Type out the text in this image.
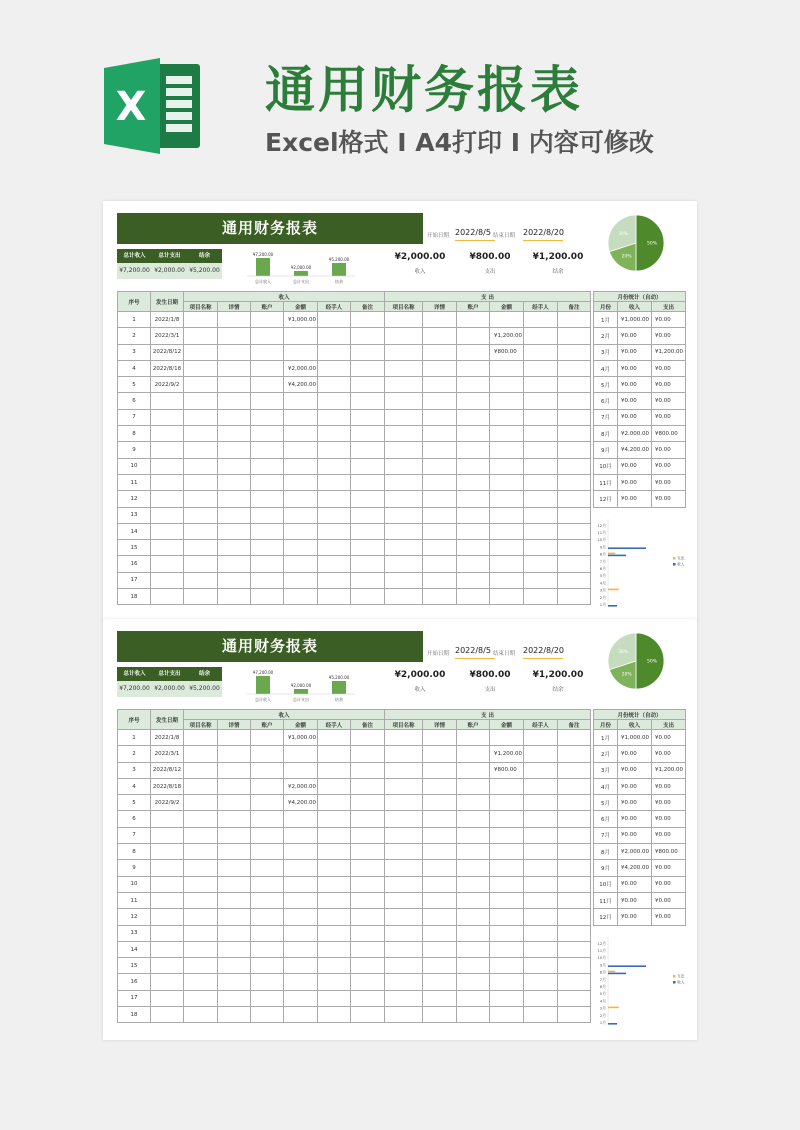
X 通用财务报表
Excel格式 I A4打印 I 内容可修改
通用财务报表
总计收入
¥7,200.00
总计支出
¥2,000.00
结余
¥5,200.00
¥7,200.00
总计收入
¥2,000.00
总计支出
¥5,200.00
结余
开始日期 2022/8/5 结束日期 2022/8/20
¥2,000.00
收入
¥800.00
支出
¥1,200.00
结余
50%
20%
30%
序号	发生日期	收入						支 出					
		项目名称	详情	账户	金额	经手人	备注	项目名称	详情	账户	金额	经手人	备注
1	2022/1/8				¥1,000.00								
2	2022/3/1										¥1,200.00		
3	2022/8/12										¥800.00		
4	2022/8/18				¥2,000.00								
5	2022/9/2				¥4,200.00								
6													
7													
8													
9													
10													
11													
12													
13													
14													
15													
16													
17													
18													
月份统计（自动）		
月份	收入	支出
1月	¥1,000.00	¥0.00
2月	¥0.00	¥0.00
3月	¥0.00	¥1,200.00
4月	¥0.00	¥0.00
5月	¥0.00	¥0.00
6月	¥0.00	¥0.00
7月	¥0.00	¥0.00
8月	¥2,000.00	¥800.00
9月	¥4,200.00	¥0.00
10月	¥0.00	¥0.00
11月	¥0.00	¥0.00
12月	¥0.00	¥0.00
1月
2月
3月
4月
5月
6月
7月
8月
9月
10月
11月
12月
支出
收入
通用财务报表
总计收入
¥7,200.00
总计支出
¥2,000.00
结余
¥5,200.00
¥7,200.00
总计收入
¥2,000.00
总计支出
¥5,200.00
结余
开始日期 2022/8/5 结束日期 2022/8/20
¥2,000.00
收入
¥800.00
支出
¥1,200.00
结余
50%
20%
30%
序号	发生日期	收入						支 出					
		项目名称	详情	账户	金额	经手人	备注	项目名称	详情	账户	金额	经手人	备注
1	2022/1/8				¥1,000.00								
2	2022/3/1										¥1,200.00		
3	2022/8/12										¥800.00		
4	2022/8/18				¥2,000.00								
5	2022/9/2				¥4,200.00								
6													
7													
8													
9													
10													
11													
12													
13													
14													
15													
16													
17													
18													
月份统计（自动）		
月份	收入	支出
1月	¥1,000.00	¥0.00
2月	¥0.00	¥0.00
3月	¥0.00	¥1,200.00
4月	¥0.00	¥0.00
5月	¥0.00	¥0.00
6月	¥0.00	¥0.00
7月	¥0.00	¥0.00
8月	¥2,000.00	¥800.00
9月	¥4,200.00	¥0.00
10月	¥0.00	¥0.00
11月	¥0.00	¥0.00
12月	¥0.00	¥0.00
1月
2月
3月
4月
5月
6月
7月
8月
9月
10月
11月
12月
支出
收入
